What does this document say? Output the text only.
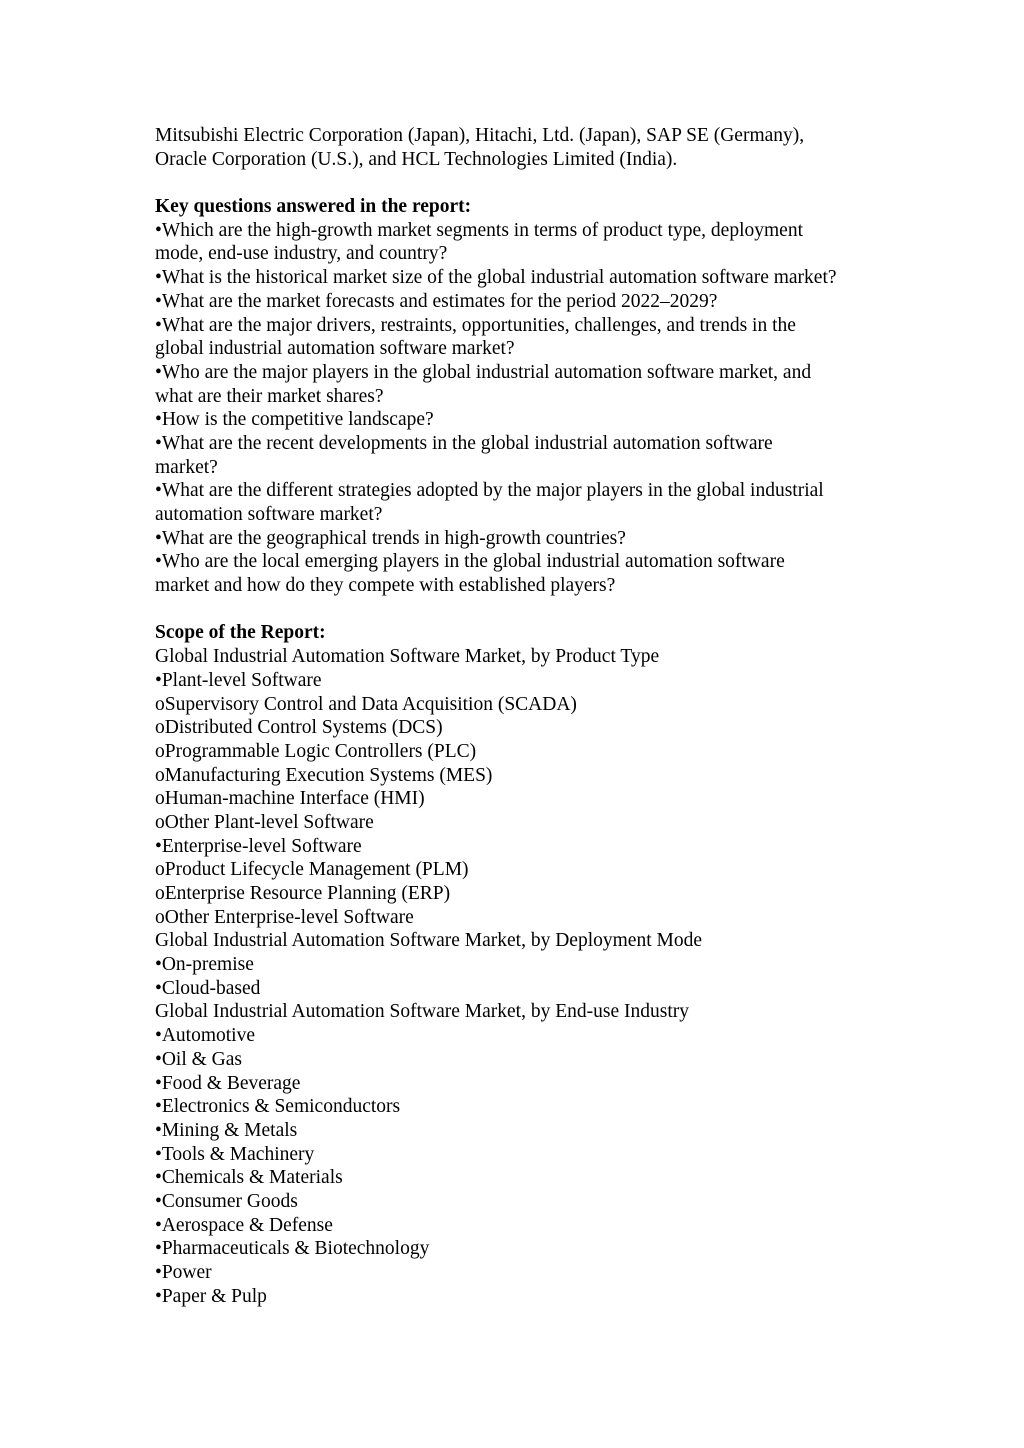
Mitsubishi Electric Corporation (Japan), Hitachi, Ltd. (Japan), SAP SE (Germany),
Oracle Corporation (U.S.), and HCL Technologies Limited (India).
Key questions answered in the report:
•Which are the high-growth market segments in terms of product type, deployment
mode, end-use industry, and country?
•What is the historical market size of the global industrial automation software market?
•What are the market forecasts and estimates for the period 2022–2029?
•What are the major drivers, restraints, opportunities, challenges, and trends in the
global industrial automation software market?
•Who are the major players in the global industrial automation software market, and
what are their market shares?
•How is the competitive landscape?
•What are the recent developments in the global industrial automation software
market?
•What are the different strategies adopted by the major players in the global industrial
automation software market?
•What are the geographical trends in high-growth countries?
•Who are the local emerging players in the global industrial automation software
market and how do they compete with established players?
Scope of the Report:
Global Industrial Automation Software Market, by Product Type
•Plant-level Software
oSupervisory Control and Data Acquisition (SCADA)
oDistributed Control Systems (DCS)
oProgrammable Logic Controllers (PLC)
oManufacturing Execution Systems (MES)
oHuman-machine Interface (HMI)
oOther Plant-level Software
•Enterprise-level Software
oProduct Lifecycle Management (PLM)
oEnterprise Resource Planning (ERP)
oOther Enterprise-level Software
Global Industrial Automation Software Market, by Deployment Mode
•On-premise
•Cloud-based
Global Industrial Automation Software Market, by End-use Industry
•Automotive
•Oil & Gas
•Food & Beverage
•Electronics & Semiconductors
•Mining & Metals
•Tools & Machinery
•Chemicals & Materials
•Consumer Goods
•Aerospace & Defense
•Pharmaceuticals & Biotechnology
•Power
•Paper & Pulp
